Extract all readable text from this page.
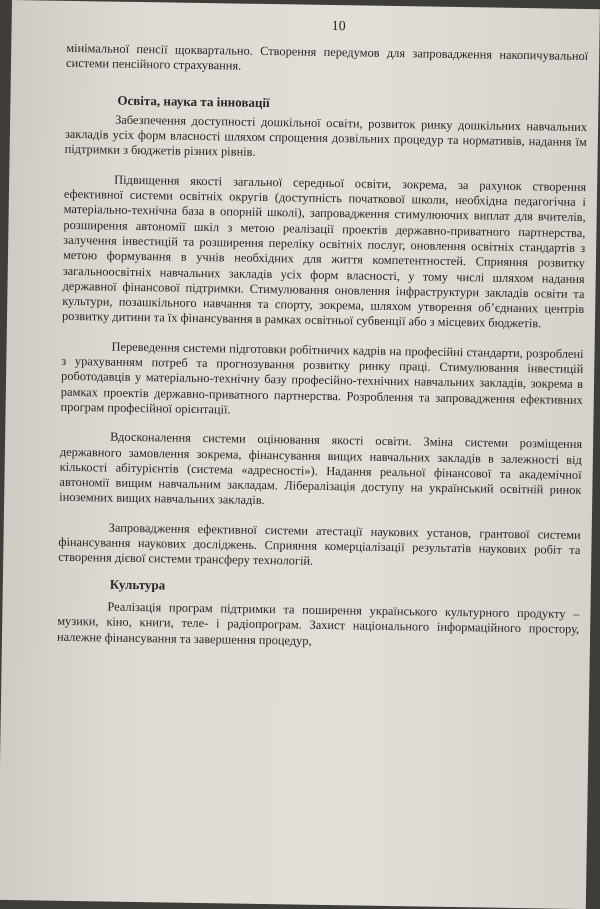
10

мінімальної пенсії щоквартально. Створення передумов для запровадження накопичувальної системи пенсійного страхування.

Освіта, наука та інновації

Забезпечення доступності дошкільної освіти, розвиток ринку дошкільних навчальних закладів усіх форм власності шляхом спрощення дозвільних процедур та нормативів, надання їм підтримки з бюджетів різних рівнів.

Підвищення якості загальної середньої освіти, зокрема, за рахунок створення ефективної системи освітніх округів (доступність початкової школи, необхідна педагогічна і матеріально-технічна база в опорній школі), запровадження стимулюючих виплат для вчителів, розширення автономії шкіл з метою реалізації проектів державно-приватного партнерства, залучення інвестицій та розширення переліку освітніх послуг, оновлення освітніх стандартів з метою формування в учнів необхідних для життя компетентностей. Сприяння розвитку загальноосвітніх навчальних закладів усіх форм власності, у тому числі шляхом надання державної фінансової підтримки. Стимулювання оновлення інфраструктури закладів освіти та культури, позашкільного навчання та спорту, зокрема, шляхом утворення об’єднаних центрів розвитку дитини та їх фінансування в рамках освітньої субвенції або з місцевих бюджетів.

Переведення системи підготовки робітничих кадрів на професійні стандарти, розроблені з урахуванням потреб та прогнозування розвитку ринку праці. Стимулювання інвестицій роботодавців у матеріально-технічну базу професійно-технічних навчальних закладів, зокрема в рамках проектів державно-приватного партнерства. Розроблення та запровадження ефективних програм професійної орієнтації.

Вдосконалення системи оцінювання якості освіти. Зміна системи розміщення державного замовлення зокрема, фінансування вищих навчальних закладів в залежності від кількості абітурієнтів (система «адресності»). Надання реальної фінансової та академічної автономії вищим навчальним закладам. Лібералізація доступу на український освітній ринок іноземних вищих навчальних закладів.

Запровадження ефективної системи атестації наукових установ, грантової системи фінансування наукових досліджень. Сприяння комерціалізації результатів наукових робіт та створення дієвої системи трансферу технологій.

Культура

Реалізація програм підтримки та поширення українського культурного продукту – музики, кіно, книги, теле- і радіопрограм. Захист національного інформаційного простору, належне фінансування та завершення процедур,
